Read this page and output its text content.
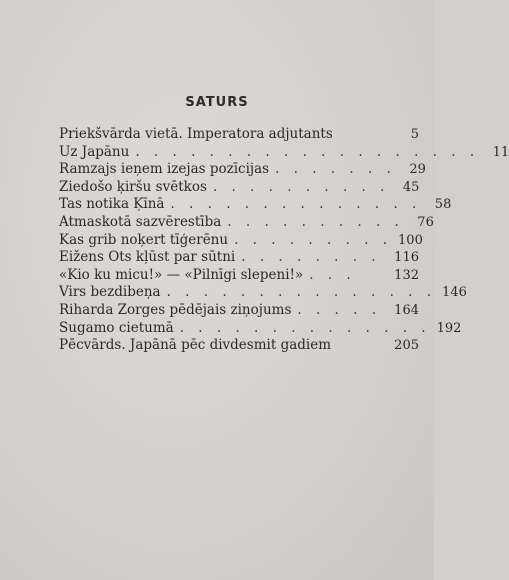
SATURS
Priekšvārda vietā. Imperatora adjutants	5
Uz Japānu . . . . . . . . . . . . . . . . . . .	11
Ramzajs ieņem izejas pozīcijas . . . . . . .	29
Ziedošo ķiršu svētkos . . . . . . . . . .	45
Tas notika Ķīnā . . . . . . . . . . . . . .	58
Atmaskotā sazvērestība . . . . . . . . . .	76
Kas grib noķert tīģerēnu . . . . . . . . . 100
Eižens Ots kļūst par sūtni . . . . . . . .	116
«Kio ku micu!» — «Pilnīgi slepeni!» . . .	132
Virs bezdibeņa . . . . . . . . . . . . . . . 146
Riharda Zorges pēdējais ziņojums . . . . .	164
Sugamo cietumā . . . . . . . . . . . . . . 192
Pēcvārds. Japānā pēc divdesmit gadiem	205
